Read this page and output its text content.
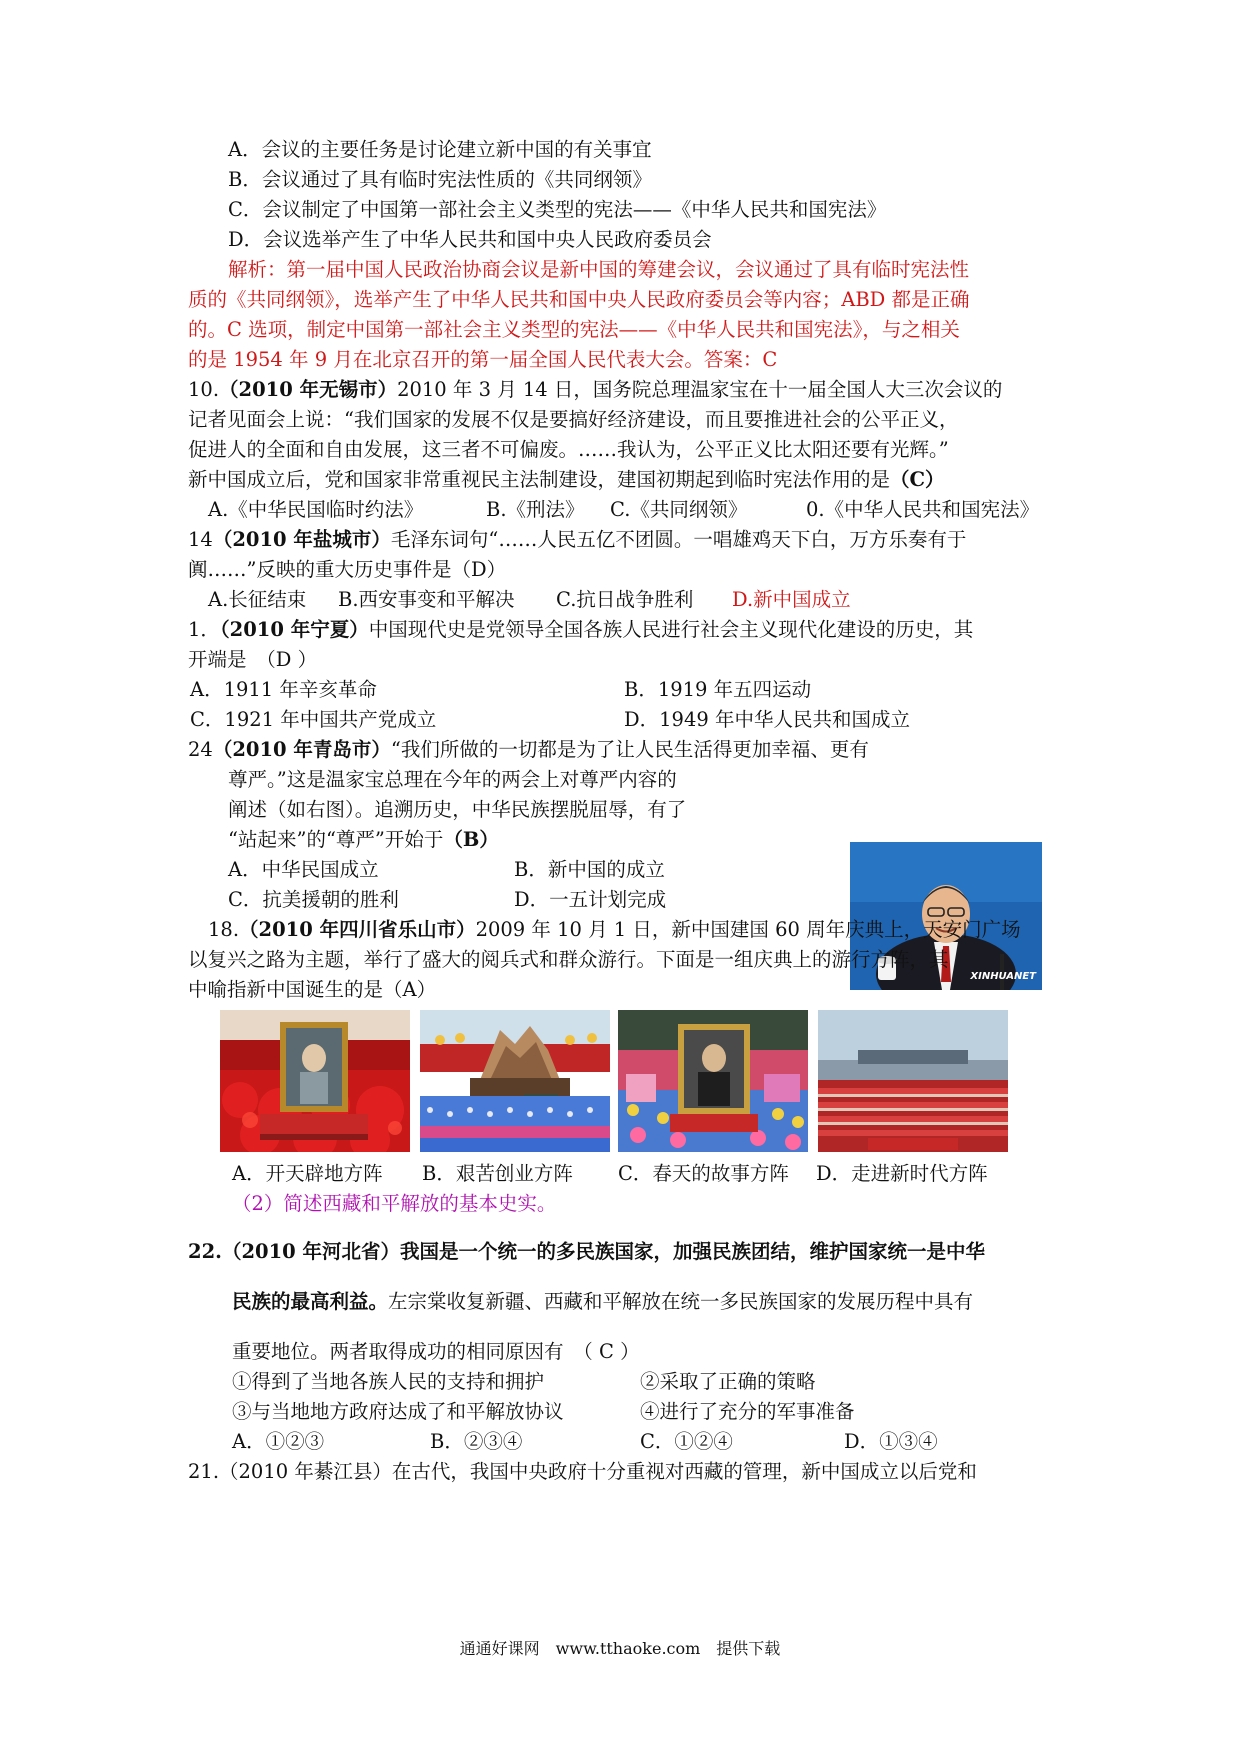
A．会议的主要任务是讨论建立新中国的有关事宜
B．会议通过了具有临时宪法性质的《共同纲领》
C．会议制定了中国第一部社会主义类型的宪法——《中华人民共和国宪法》
D．会议选举产生了中华人民共和国中央人民政府委员会
解析：第一届中国人民政治协商会议是新中国的筹建会议，会议通过了具有临时宪法性
质的《共同纲领》，选举产生了中华人民共和国中央人民政府委员会等内容；ABD 都是正确
的。C 选项，制定中国第一部社会主义类型的宪法——《中华人民共和国宪法》，与之相关
的是 1954 年 9 月在北京召开的第一届全国人民代表大会。答案：C
10.（2010 年无锡市）2010 年 3 月 14 日，国务院总理温家宝在十一届全国人大三次会议的
记者见面会上说：“我们国家的发展不仅是要搞好经济建设，而且要推进社会的公平正义，
促进人的全面和自由发展，这三者不可偏废。……我认为，公平正义比太阳还要有光辉。”
新中国成立后，党和国家非常重视民主法制建设，建国初期起到临时宪法作用的是（C）
A.《中华民国临时约法》	B.《刑法》 C.《共同纲领》	0.《中华人民共和国宪法》
14（2010 年盐城市）毛泽东词句“……人民五亿不团圆。一唱雄鸡天下白，万方乐奏有于
阗……”反映的重大历史事件是（D）
A.长征结束 B.西安事变和平解决 C.抗日战争胜利 D.新中国成立
1．（2010 年宁夏）中国现代史是党领导全国各族人民进行社会主义现代化建设的历史，其
开端是　（D ）
A．1911 年辛亥革命	B．1919 年五四运动
C．1921 年中国共产党成立	D．1949 年中华人民共和国成立
24（2010 年青岛市）“我们所做的一切都是为了让人民生活得更加幸福、更有
尊严。”这是温家宝总理在今年的两会上对尊严内容的
阐述（如右图）。追溯历史，中华民族摆脱屈辱，有了
“站起来”的“尊严”开始于（B）
A．中华民国成立	B．新中国的成立
C．抗美援朝的胜利	D．一五计划完成
XINHUANET
18.（2010 年四川省乐山市）2009 年 10 月 1 日，新中国建国 60 周年庆典上，天安门广场
以复兴之路为主题，举行了盛大的阅兵式和群众游行。下面是一组庆典上的游行方阵，其
中喻指新中国诞生的是（A）
A．开天辟地方阵 B．艰苦创业方阵 C．春天的故事方阵 D．走进新时代方阵
（2）简述西藏和平解放的基本史实。
22.（2010 年河北省）我国是一个统一的多民族国家，加强民族团结，维护国家统一是中华
民族的最高利益。左宗棠收复新疆、西藏和平解放在统一多民族国家的发展历程中具有
重要地位。两者取得成功的相同原因有　（ C ）
①得到了当地各族人民的支持和拥护	②采取了正确的策略
③与当地地方政府达成了和平解放协议	④进行了充分的军事准备
A．①②③	B．②③④	C．①②④	D．①③④
21.（2010 年綦江县）在古代，我国中央政府十分重视对西藏的管理，新中国成立以后党和
通通好课网　www.tthaoke.com　提供下载
